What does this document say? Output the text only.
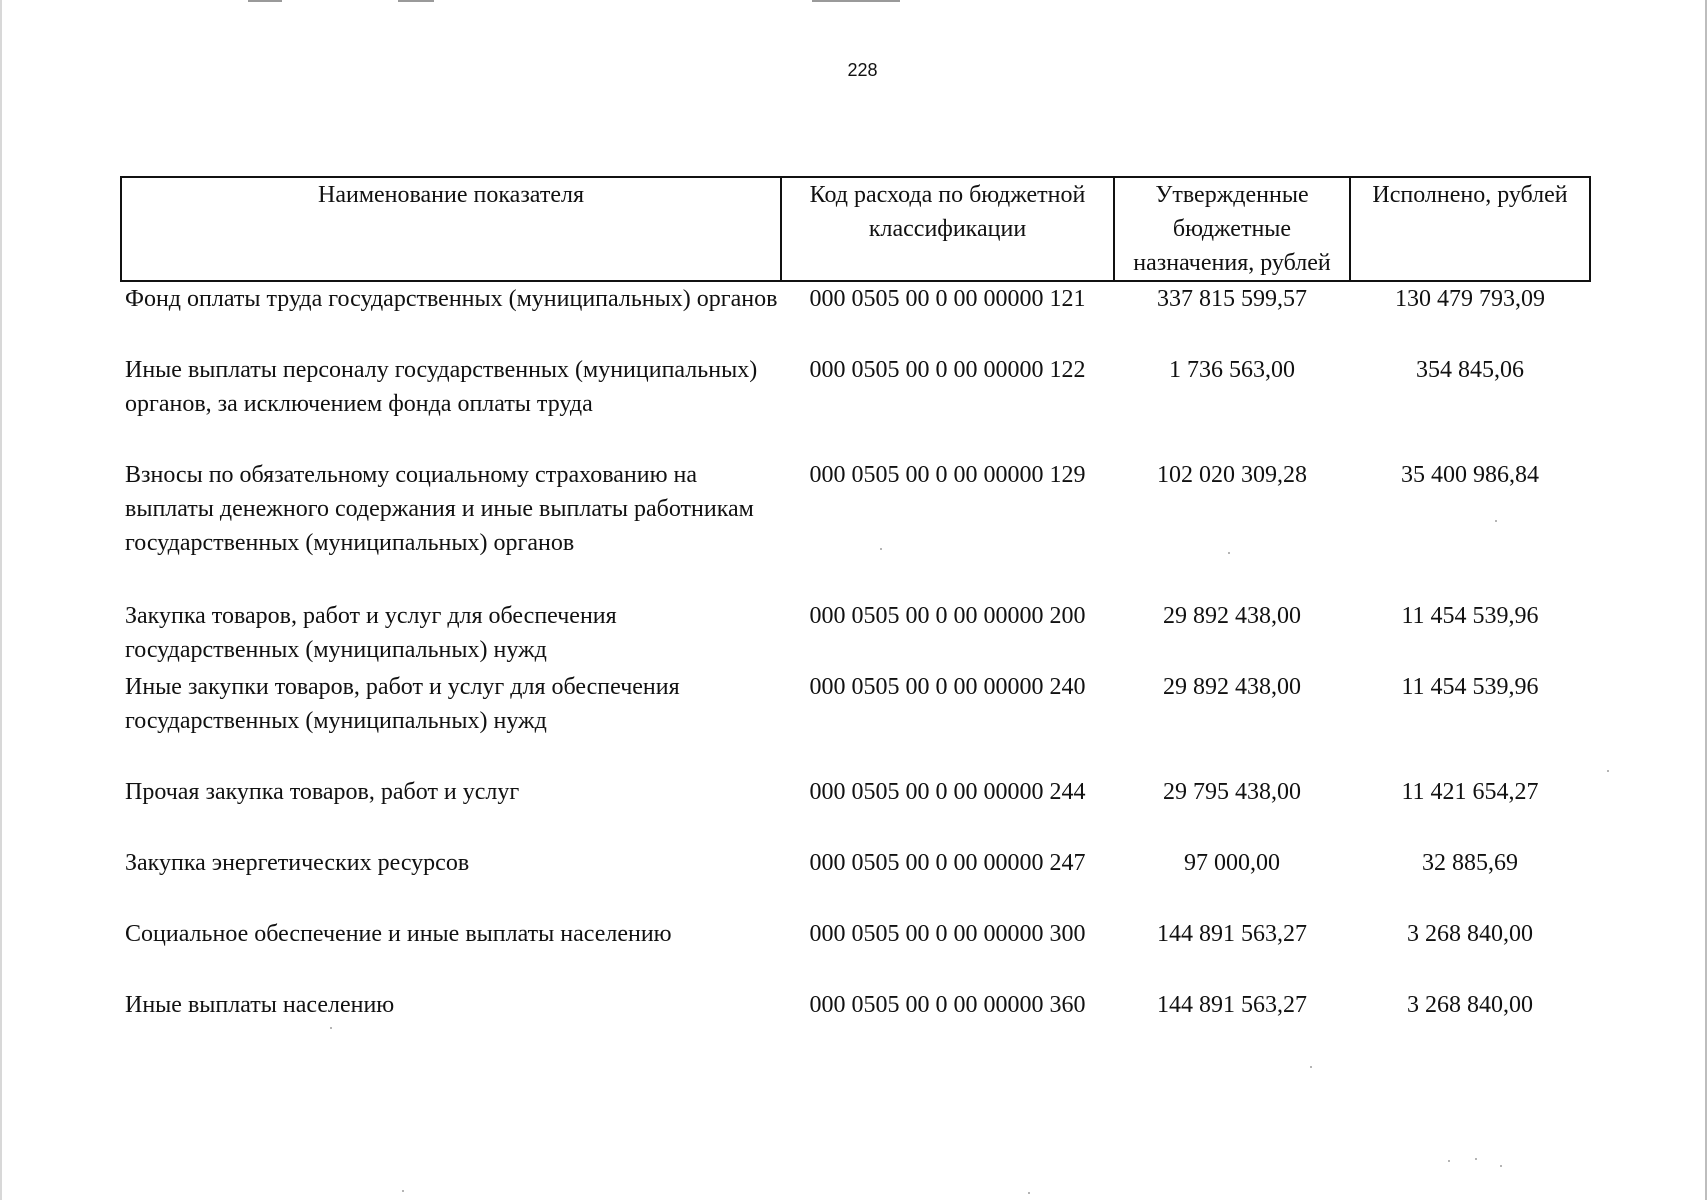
228
Наименование показателя	Код расхода по бюджетной классификации	Утвержденные бюджетные назначения, рублей	Исполнено, рублей
Фонд оплаты труда государственных (муниципальных) органов	000 0505 00 0 00 00000 121	337 815 599,57	130 479 793,09
Иные выплаты персоналу государственных (муниципальных) органов, за исключением фонда оплаты труда	000 0505 00 0 00 00000 122	1 736 563,00	354 845,06
Взносы по обязательному социальному страхованию на выплаты денежного содержания и иные выплаты работникам государственных (муниципальных) органов	000 0505 00 0 00 00000 129	102 020 309,28	35 400 986,84
Закупка товаров, работ и услуг для обеспечения государственных (муниципальных) нужд	000 0505 00 0 00 00000 200	29 892 438,00	11 454 539,96
Иные закупки товаров, работ и услуг для обеспечения государственных (муниципальных) нужд	000 0505 00 0 00 00000 240	29 892 438,00	11 454 539,96
Прочая закупка товаров, работ и услуг	000 0505 00 0 00 00000 244	29 795 438,00	11 421 654,27
Закупка энергетических ресурсов	000 0505 00 0 00 00000 247	97 000,00	32 885,69
Социальное обеспечение и иные выплаты населению	000 0505 00 0 00 00000 300	144 891 563,27	3 268 840,00
Иные выплаты населению	000 0505 00 0 00 00000 360	144 891 563,27	3 268 840,00
